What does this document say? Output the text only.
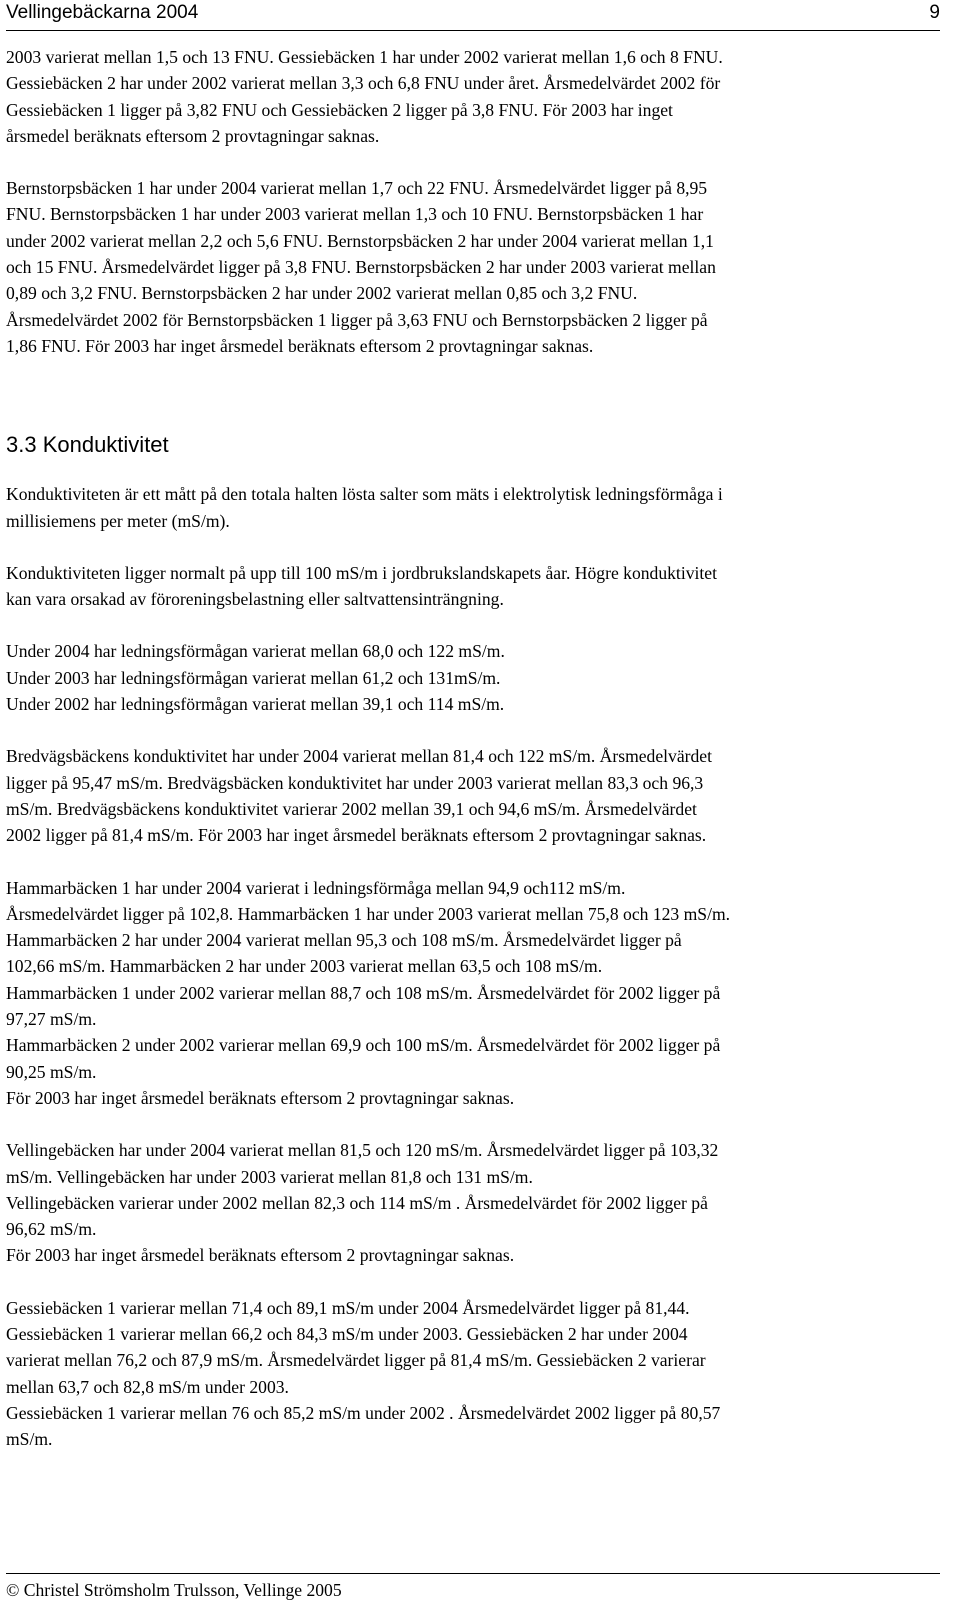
Vellingebäckarna 2004	9

2003 varierat mellan 1,5 och 13 FNU. Gessiebäcken 1 har under 2002 varierat mellan 1,6 och 8 FNU.
Gessiebäcken 2 har under 2002 varierat mellan 3,3 och 6,8 FNU under året. Årsmedelvärdet 2002 för
Gessiebäcken 1 ligger på 3,82 FNU och Gessiebäcken 2 ligger på 3,8 FNU. För 2003 har inget
årsmedel beräknats eftersom 2 provtagningar saknas.

Bernstorpsbäcken 1 har under 2004 varierat mellan 1,7 och 22 FNU. Årsmedelvärdet ligger på 8,95
FNU. Bernstorpsbäcken 1 har under 2003 varierat mellan 1,3 och 10 FNU. Bernstorpsbäcken 1 har
under 2002 varierat mellan 2,2 och 5,6 FNU. Bernstorpsbäcken 2 har under 2004 varierat mellan 1,1
och 15 FNU. Årsmedelvärdet ligger på 3,8 FNU. Bernstorpsbäcken 2 har under 2003 varierat mellan
0,89 och 3,2 FNU. Bernstorpsbäcken 2 har under 2002 varierat mellan 0,85 och 3,2 FNU.
Årsmedelvärdet 2002 för Bernstorpsbäcken 1 ligger på 3,63 FNU och Bernstorpsbäcken 2 ligger på
1,86 FNU. För 2003 har inget årsmedel beräknats eftersom 2 provtagningar saknas.

3.3 Konduktivitet

Konduktiviteten är ett mått på den totala halten lösta salter som mäts i elektrolytisk ledningsförmåga i
millisiemens per meter (mS/m).

Konduktiviteten ligger normalt på upp till 100 mS/m i jordbrukslandskapets åar. Högre konduktivitet
kan vara orsakad av föroreningsbelastning eller saltvattensinträngning.

Under 2004 har ledningsförmågan varierat mellan 68,0 och 122 mS/m.
Under 2003 har ledningsförmågan varierat mellan 61,2 och 131mS/m.
Under 2002 har ledningsförmågan varierat mellan 39,1 och 114 mS/m.

Bredvägsbäckens konduktivitet har under 2004 varierat mellan 81,4 och 122 mS/m. Årsmedelvärdet
ligger på 95,47 mS/m. Bredvägsbäcken konduktivitet har under 2003 varierat mellan 83,3 och 96,3
mS/m. Bredvägsbäckens konduktivitet varierar 2002 mellan 39,1 och 94,6 mS/m. Årsmedelvärdet
2002 ligger på 81,4 mS/m. För 2003 har inget årsmedel beräknats eftersom 2 provtagningar saknas.

Hammarbäcken 1 har under 2004 varierat i ledningsförmåga mellan 94,9 och112 mS/m.
Årsmedelvärdet ligger på 102,8. Hammarbäcken 1 har under 2003 varierat mellan 75,8 och 123 mS/m.
Hammarbäcken 2 har under 2004 varierat mellan 95,3 och 108 mS/m. Årsmedelvärdet ligger på
102,66 mS/m. Hammarbäcken 2 har under 2003 varierat mellan 63,5 och 108 mS/m.
Hammarbäcken 1 under 2002 varierar mellan 88,7 och 108 mS/m. Årsmedelvärdet för 2002 ligger på
97,27 mS/m.
Hammarbäcken 2 under 2002 varierar mellan 69,9 och 100 mS/m. Årsmedelvärdet för 2002 ligger på
90,25 mS/m.
För 2003 har inget årsmedel beräknats eftersom 2 provtagningar saknas.

Vellingebäcken har under 2004 varierat mellan 81,5 och 120 mS/m. Årsmedelvärdet ligger på 103,32
mS/m. Vellingebäcken har under 2003 varierat mellan 81,8 och 131 mS/m.
Vellingebäcken varierar under 2002 mellan 82,3 och 114 mS/m . Årsmedelvärdet för 2002 ligger på
96,62 mS/m.
För 2003 har inget årsmedel beräknats eftersom 2 provtagningar saknas.

Gessiebäcken 1 varierar mellan 71,4 och 89,1 mS/m under 2004 Årsmedelvärdet ligger på 81,44.
Gessiebäcken 1 varierar mellan 66,2 och 84,3 mS/m under 2003. Gessiebäcken 2 har under 2004
varierat mellan 76,2 och 87,9 mS/m. Årsmedelvärdet ligger på 81,4 mS/m. Gessiebäcken 2 varierar
mellan 63,7 och 82,8 mS/m under 2003.
Gessiebäcken 1 varierar mellan 76 och 85,2 mS/m under 2002 . Årsmedelvärdet 2002 ligger på 80,57
mS/m.

© Christel Strömsholm Trulsson, Vellinge 2005
